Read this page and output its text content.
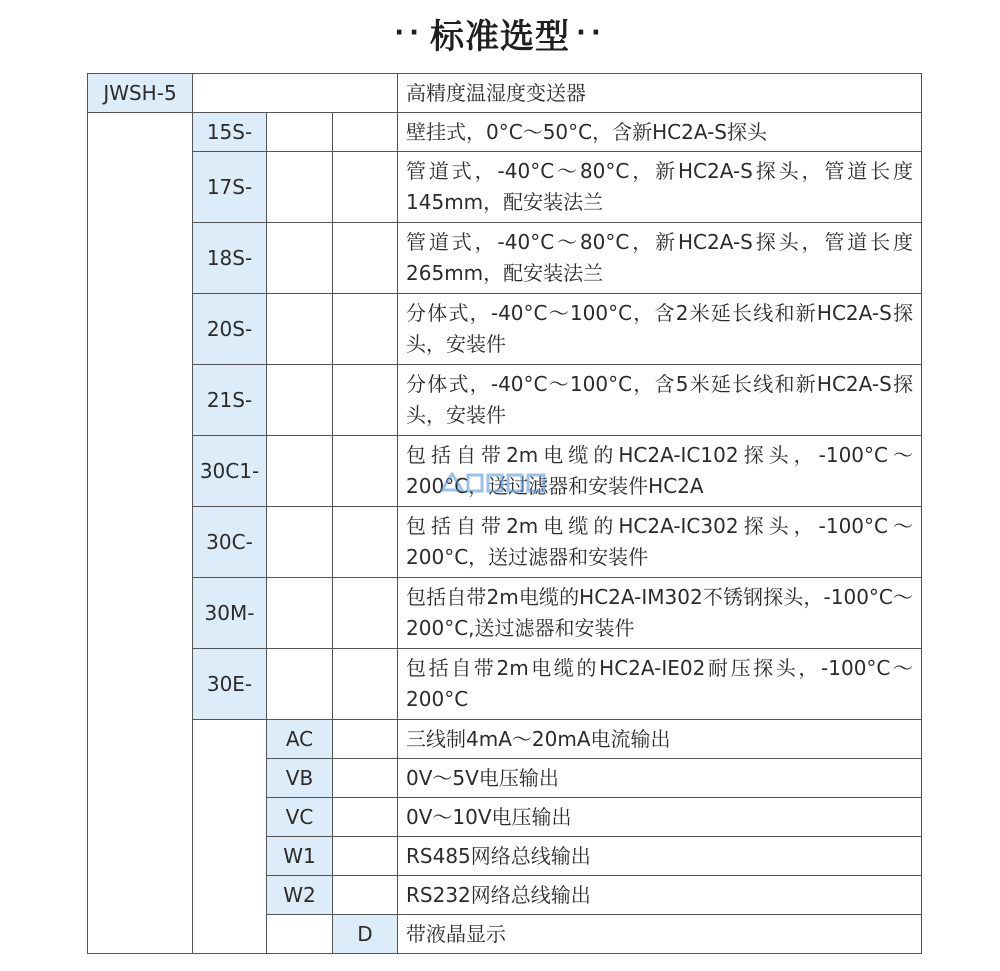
·· 标准选型 ··
JWSH-5				高精度温湿度变送器
	15S-			壁挂式，0°C～50°C，含新HC2A-S探头
	17S-			管道式，-40°C～80°C，新HC2A-S探头，管道长度145mm，配安装法兰
	18S-			管道式，-40°C～80°C，新HC2A-S探头，管道长度265mm，配安装法兰
	20S-			分体式，-40°C～100°C，含2米延长线和新HC2A-S探头，安装件
	21S-			分体式，-40°C～100°C，含5米延长线和新HC2A-S探头，安装件
	30C1-			包括自带2m电缆的HC2A-IC102探头，-100°C～200°C，送过滤器和安装件HC2A
	30C-			包括自带2m电缆的HC2A-IC302探头，-100°C～200°C，送过滤器和安装件
	30M-			包括自带2m电缆的HC2A-IM302不锈钢探头，-100°C～200°C,送过滤器和安装件
	30E-			包括自带2m电缆的HC2A-IE02耐压探头，-100°C～200°C
		AC		三线制4mA～20mA电流输出
		VB		0V～5V电压输出
		VC		0V～10V电压输出
		W1		RS485网络总线输出
		W2		RS232网络总线输出
			D	带液晶显示
